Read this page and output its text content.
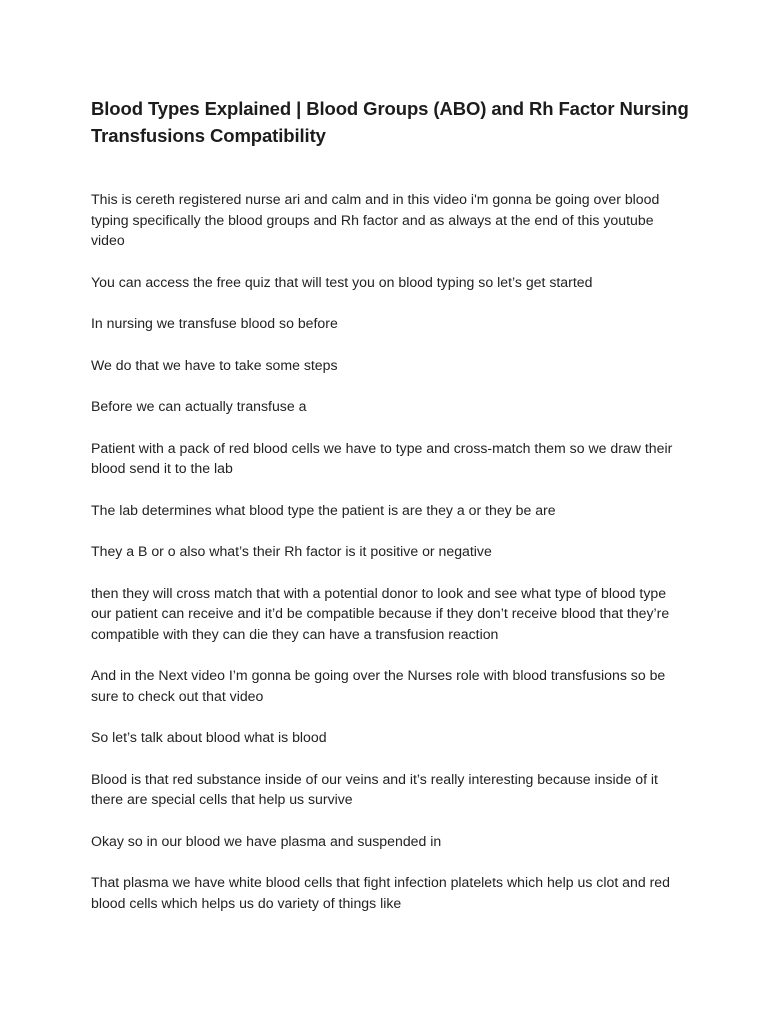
Blood Types Explained | Blood Groups (ABO) and Rh Factor Nursing Transfusions Compatibility

This is cereth registered nurse ari and calm and in this video i'm gonna be going over blood typing specifically the blood groups and Rh factor and as always at the end of this youtube video

You can access the free quiz that will test you on blood typing so let’s get started

In nursing we transfuse blood so before

We do that we have to take some steps

Before we can actually transfuse a

Patient with a pack of red blood cells we have to type and cross-match them so we draw their blood send it to the lab

The lab determines what blood type the patient is are they a or they be are

They a B or o also what’s their Rh factor is it positive or negative

then they will cross match that with a potential donor to look and see what type of blood type our patient can receive and it’d be compatible because if they don’t receive blood that they’re compatible with they can die they can have a transfusion reaction

And in the Next video I’m gonna be going over the Nurses role with blood transfusions so be sure to check out that video

So let’s talk about blood what is blood

Blood is that red substance inside of our veins and it’s really interesting because inside of it there are special cells that help us survive

Okay so in our blood we have plasma and suspended in

That plasma we have white blood cells that fight infection platelets which help us clot and red blood cells which helps us do variety of things like
